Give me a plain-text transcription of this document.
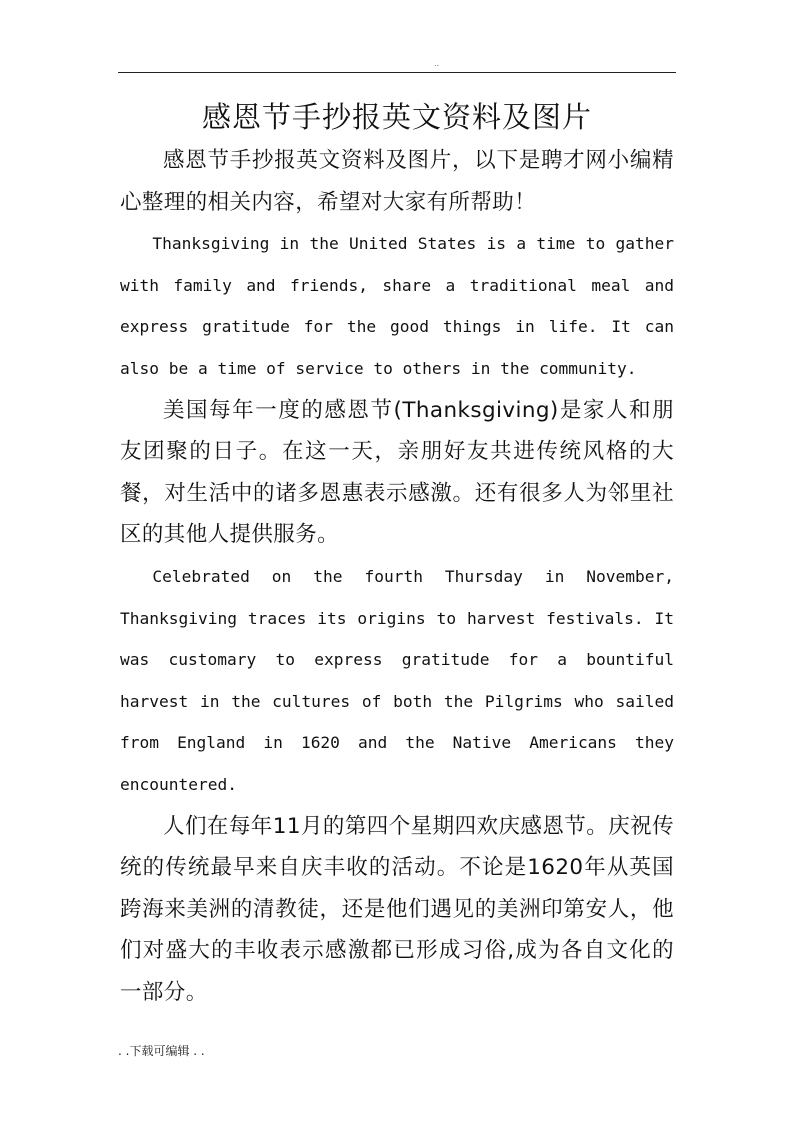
..
感恩节手抄报英文资料及图片

感恩节手抄报英文资料及图片，以下是聘才网小编精心整理的相关内容，希望对大家有所帮助！

Thanksgiving in the United States is a time to gather with family and friends, share a traditional meal and express gratitude for the good things in life. It can also be a time of service to others in the community.

美国每年一度的感恩节(Thanksgiving)是家人和朋友团聚的日子。在这一天，亲朋好友共进传统风格的大餐，对生活中的诸多恩惠表示感激。还有很多人为邻里社区的其他人提供服务。

Celebrated on the fourth Thursday in November, Thanksgiving traces its origins to harvest festivals. It was customary to express gratitude for a bountiful harvest in the cultures of both the Pilgrims who sailed from England in 1620 and the Native Americans they encountered.

人们在每年11月的第四个星期四欢庆感恩节。庆祝传统的传统最早来自庆丰收的活动。不论是1620年从英国跨海来美洲的清教徒，还是他们遇见的美洲印第安人，他们对盛大的丰收表示感激都已形成习俗,成为各自文化的一部分。

. .下载可编辑 . .
